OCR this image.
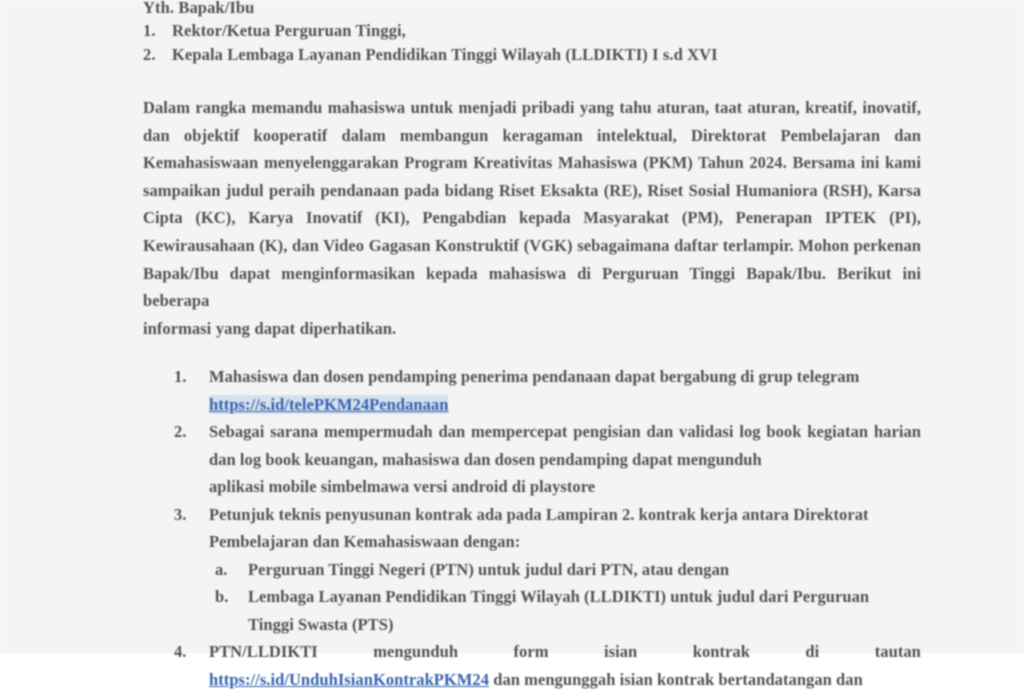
Yth. Bapak/Ibu
1. Rektor/Ketua Perguruan Tinggi,
2. Kepala Lembaga Layanan Pendidikan Tinggi Wilayah (LLDIKTI) I s.d XVI

Dalam rangka memandu mahasiswa untuk menjadi pribadi yang tahu aturan, taat aturan, kreatif, inovatif, dan objektif kooperatif dalam membangun keragaman intelektual, Direktorat Pembelajaran dan Kemahasiswaan menyelenggarakan Program Kreativitas Mahasiswa (PKM) Tahun 2024. Bersama ini kami sampaikan judul peraih pendanaan pada bidang Riset Eksakta (RE), Riset Sosial Humaniora (RSH), Karsa Cipta (KC), Karya Inovatif (KI), Pengabdian kepada Masyarakat (PM), Penerapan IPTEK (PI), Kewirausahaan (K), dan Video Gagasan Konstruktif (VGK) sebagaimana daftar terlampir. Mohon perkenan Bapak/Ibu dapat menginformasikan kepada mahasiswa di Perguruan Tinggi Bapak/Ibu. Berikut ini beberapa

informasi yang dapat diperhatikan.

1.	Mahasiswa dan dosen pendamping penerima pendanaan dapat bergabung di grup telegram
https://s.id/telePKM24Pendanaan
2.	Sebagai sarana mempermudah dan mempercepat pengisian dan validasi log book kegiatan harian dan log book keuangan, mahasiswa dan dosen pendamping dapat mengunduh
aplikasi mobile simbelmawa versi android di playstore
3.	Petunjuk teknis penyusunan kontrak ada pada Lampiran 2. kontrak kerja antara Direktorat
Pembelajaran dan Kemahasiswaan dengan:
a.	Perguruan Tinggi Negeri (PTN) untuk judul dari PTN, atau dengan
b.	Lembaga Layanan Pendidikan Tinggi Wilayah (LLDIKTI) untuk judul dari Perguruan
Tinggi Swasta (PTS)
4.	PTN/LLDIKTI	mengunduh	form	isian	kontrak	di	tautan
https://s.id/UnduhIsianKontrakPKM24 dan mengunggah isian kontrak bertandatangan dan
